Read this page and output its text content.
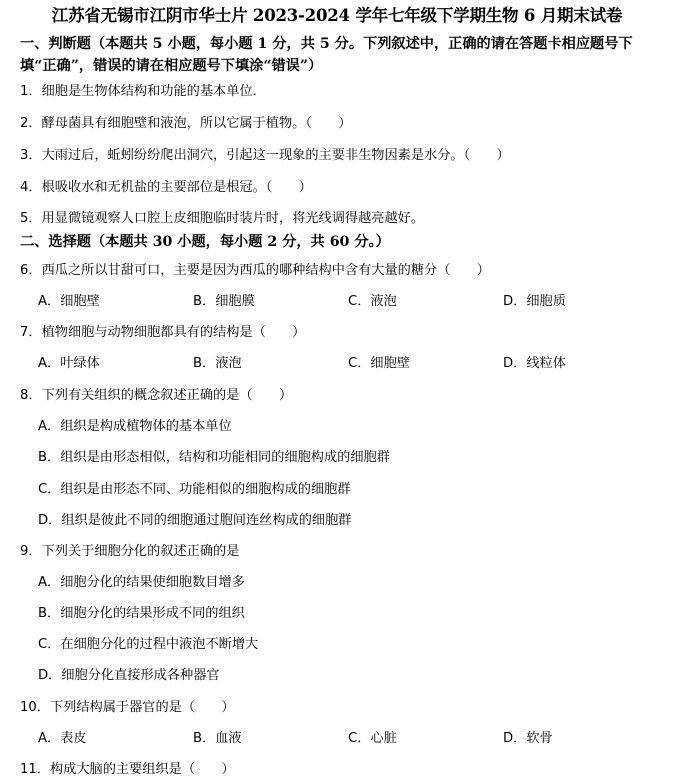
江苏省无锡市江阴市华士片 2023-2024 学年七年级下学期生物 6 月期末试卷
一、判断题（本题共 5 小题，每小题 1 分，共 5 分。下列叙述中，正确的请在答题卡相应题号下填“正确”，错误的请在相应题号下填涂“错误”）
1．细胞是生物体结构和功能的基本单位．
2．酵母菌具有细胞壁和液泡，所以它属于植物。（　　）
3．大雨过后，蚯蚓纷纷爬出洞穴，引起这一现象的主要非生物因素是水分。（　　）
4．根吸收水和无机盐的主要部位是根冠。（　　）
5．用显微镜观察人口腔上皮细胞临时装片时，将光线调得越亮越好。
二、选择题（本题共 30 小题，每小题 2 分，共 60 分。）
6．西瓜之所以甘甜可口，主要是因为西瓜的哪种结构中含有大量的糖分（　　）
A．细胞壁	B．细胞膜	C．液泡	D．细胞质
7．植物细胞与动物细胞都具有的结构是（　　）
A．叶绿体	B．液泡	C．细胞壁	D．线粒体
8．下列有关组织的概念叙述正确的是（　　）
A．组织是构成植物体的基本单位
B．组织是由形态相似，结构和功能相同的细胞构成的细胞群
C．组织是由形态不同、功能相似的细胞构成的细胞群
D．组织是彼此不同的细胞通过胞间连丝构成的细胞群
9．下列关于细胞分化的叙述正确的是
A．细胞分化的结果使细胞数目增多
B．细胞分化的结果形成不同的组织
C．在细胞分化的过程中液泡不断增大
D．细胞分化直接形成各种器官
10．下列结构属于器官的是（　　）
A．表皮	B．血液	C．心脏	D．软骨
11．构成大脑的主要组织是（　　）
